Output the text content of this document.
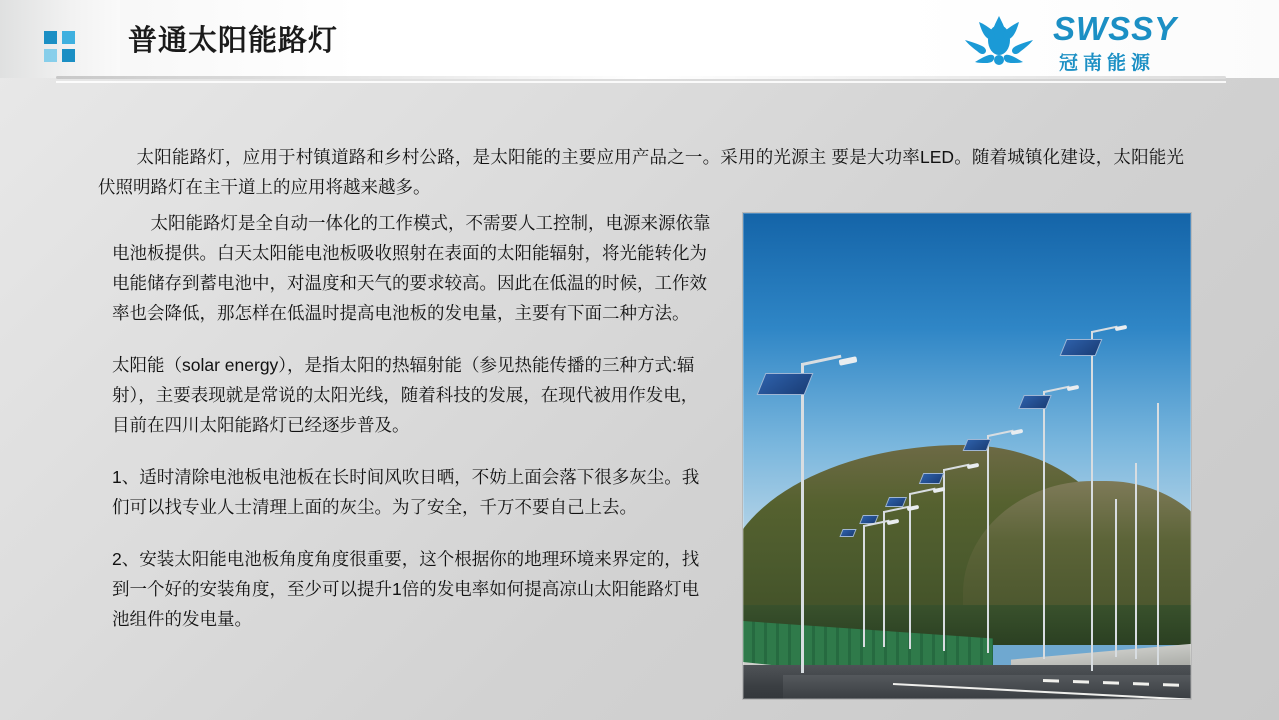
普通太阳能路灯	SWSSY
冠南能源
太阳能路灯，应用于村镇道路和乡村公路，是太阳能的主要应用产品之一。采用的光源主 要是大功率LED。随着城镇化建设，太阳能光伏照明路灯在主干道上的应用将越来越多。

太阳能路灯是全自动一体化的工作模式，不需要人工控制，电源来源依靠电池板提供。白天太阳能电池板吸收照射在表面的太阳能辐射，将光能转化为电能储存到蓄电池中，对温度和天气的要求较高。因此在低温的时候，工作效率也会降低，那怎样在低温时提高电池板的发电量，主要有下面二种方法。

太阳能（solar energy），是指太阳的热辐射能（参见热能传播的三种方式:辐射），主要表现就是常说的太阳光线，随着科技的发展，在现代被用作发电，目前在四川太阳能路灯已经逐步普及。

1、适时清除电池板电池板在长时间风吹日晒，不妨上面会落下很多灰尘。我们可以找专业人士清理上面的灰尘。为了安全，千万不要自己上去。

2、安装太阳能电池板角度角度很重要，这个根据你的地理环境来界定的，找到一个好的安装角度，至少可以提升1倍的发电率如何提高凉山太阳能路灯电池组件的发电量。
